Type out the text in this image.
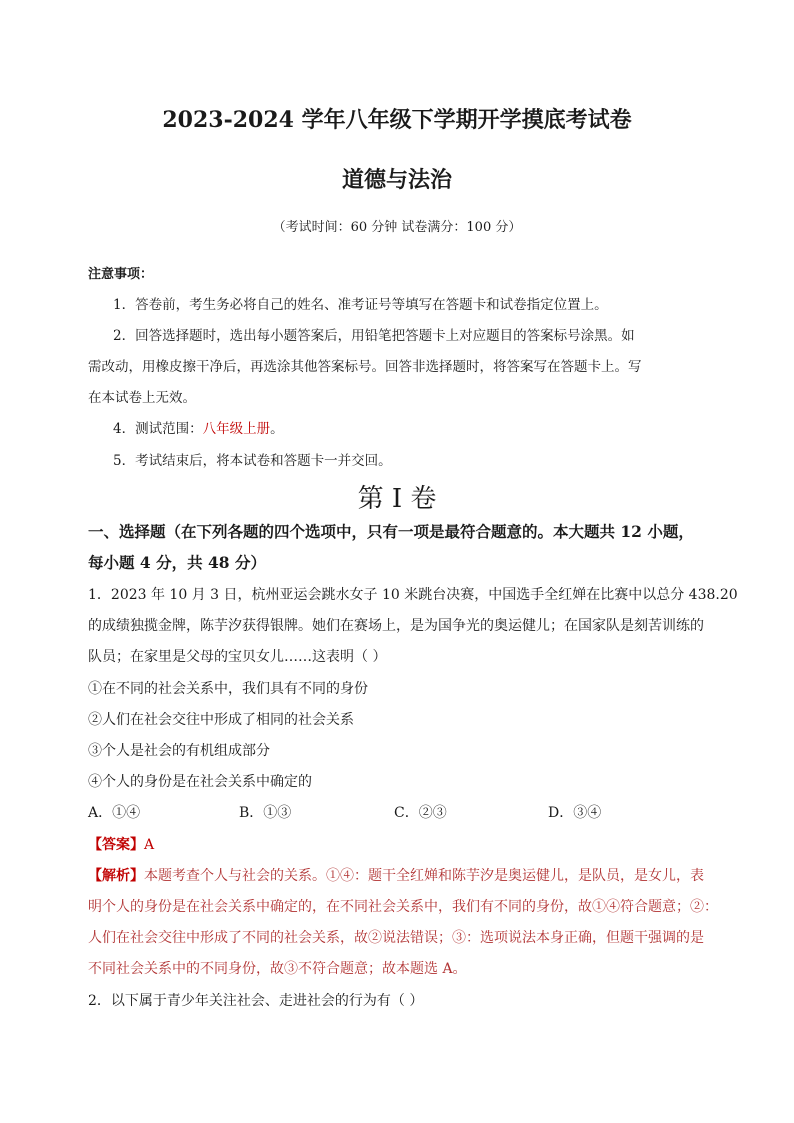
2023-2024 学年八年级下学期开学摸底考试卷
道德与法治
（考试时间：60 分钟 试卷满分：100 分）
注意事项：
1．答卷前，考生务必将自己的姓名、准考证号等填写在答题卡和试卷指定位置上。
2．回答选择题时，选出每小题答案后，用铅笔把答题卡上对应题目的答案标号涂黑。如
需改动，用橡皮擦干净后，再选涂其他答案标号。回答非选择题时，将答案写在答题卡上。写
在本试卷上无效。
4．测试范围：八年级上册。
5．考试结束后，将本试卷和答题卡一并交回。
第 I 卷
一、选择题（在下列各题的四个选项中，只有一项是最符合题意的。本大题共 12 小题，
每小题 4 分，共 48 分）
1．2023 年 10 月 3 日，杭州亚运会跳水女子 10 米跳台决赛，中国选手全红婵在比赛中以总分 438.20
的成绩独揽金牌，陈芋汐获得银牌。她们在赛场上，是为国争光的奥运健儿；在国家队是刻苦训练的
队员；在家里是父母的宝贝女儿……这表明（ ）
①在不同的社会关系中，我们具有不同的身份
②人们在社会交往中形成了相同的社会关系
③个人是社会的有机组成部分
④个人的身份是在社会关系中确定的
A．①④	B．①③	C．②③	D．③④
【答案】A
【解析】本题考查个人与社会的关系。①④：题干全红婵和陈芋汐是奥运健儿，是队员，是女儿，表
明个人的身份是在社会关系中确定的，在不同社会关系中，我们有不同的身份，故①④符合题意；②：
人们在社会交往中形成了不同的社会关系，故②说法错误；③：选项说法本身正确，但题干强调的是
不同社会关系中的不同身份，故③不符合题意；故本题选 A。
2．以下属于青少年关注社会、走进社会的行为有（ ）
